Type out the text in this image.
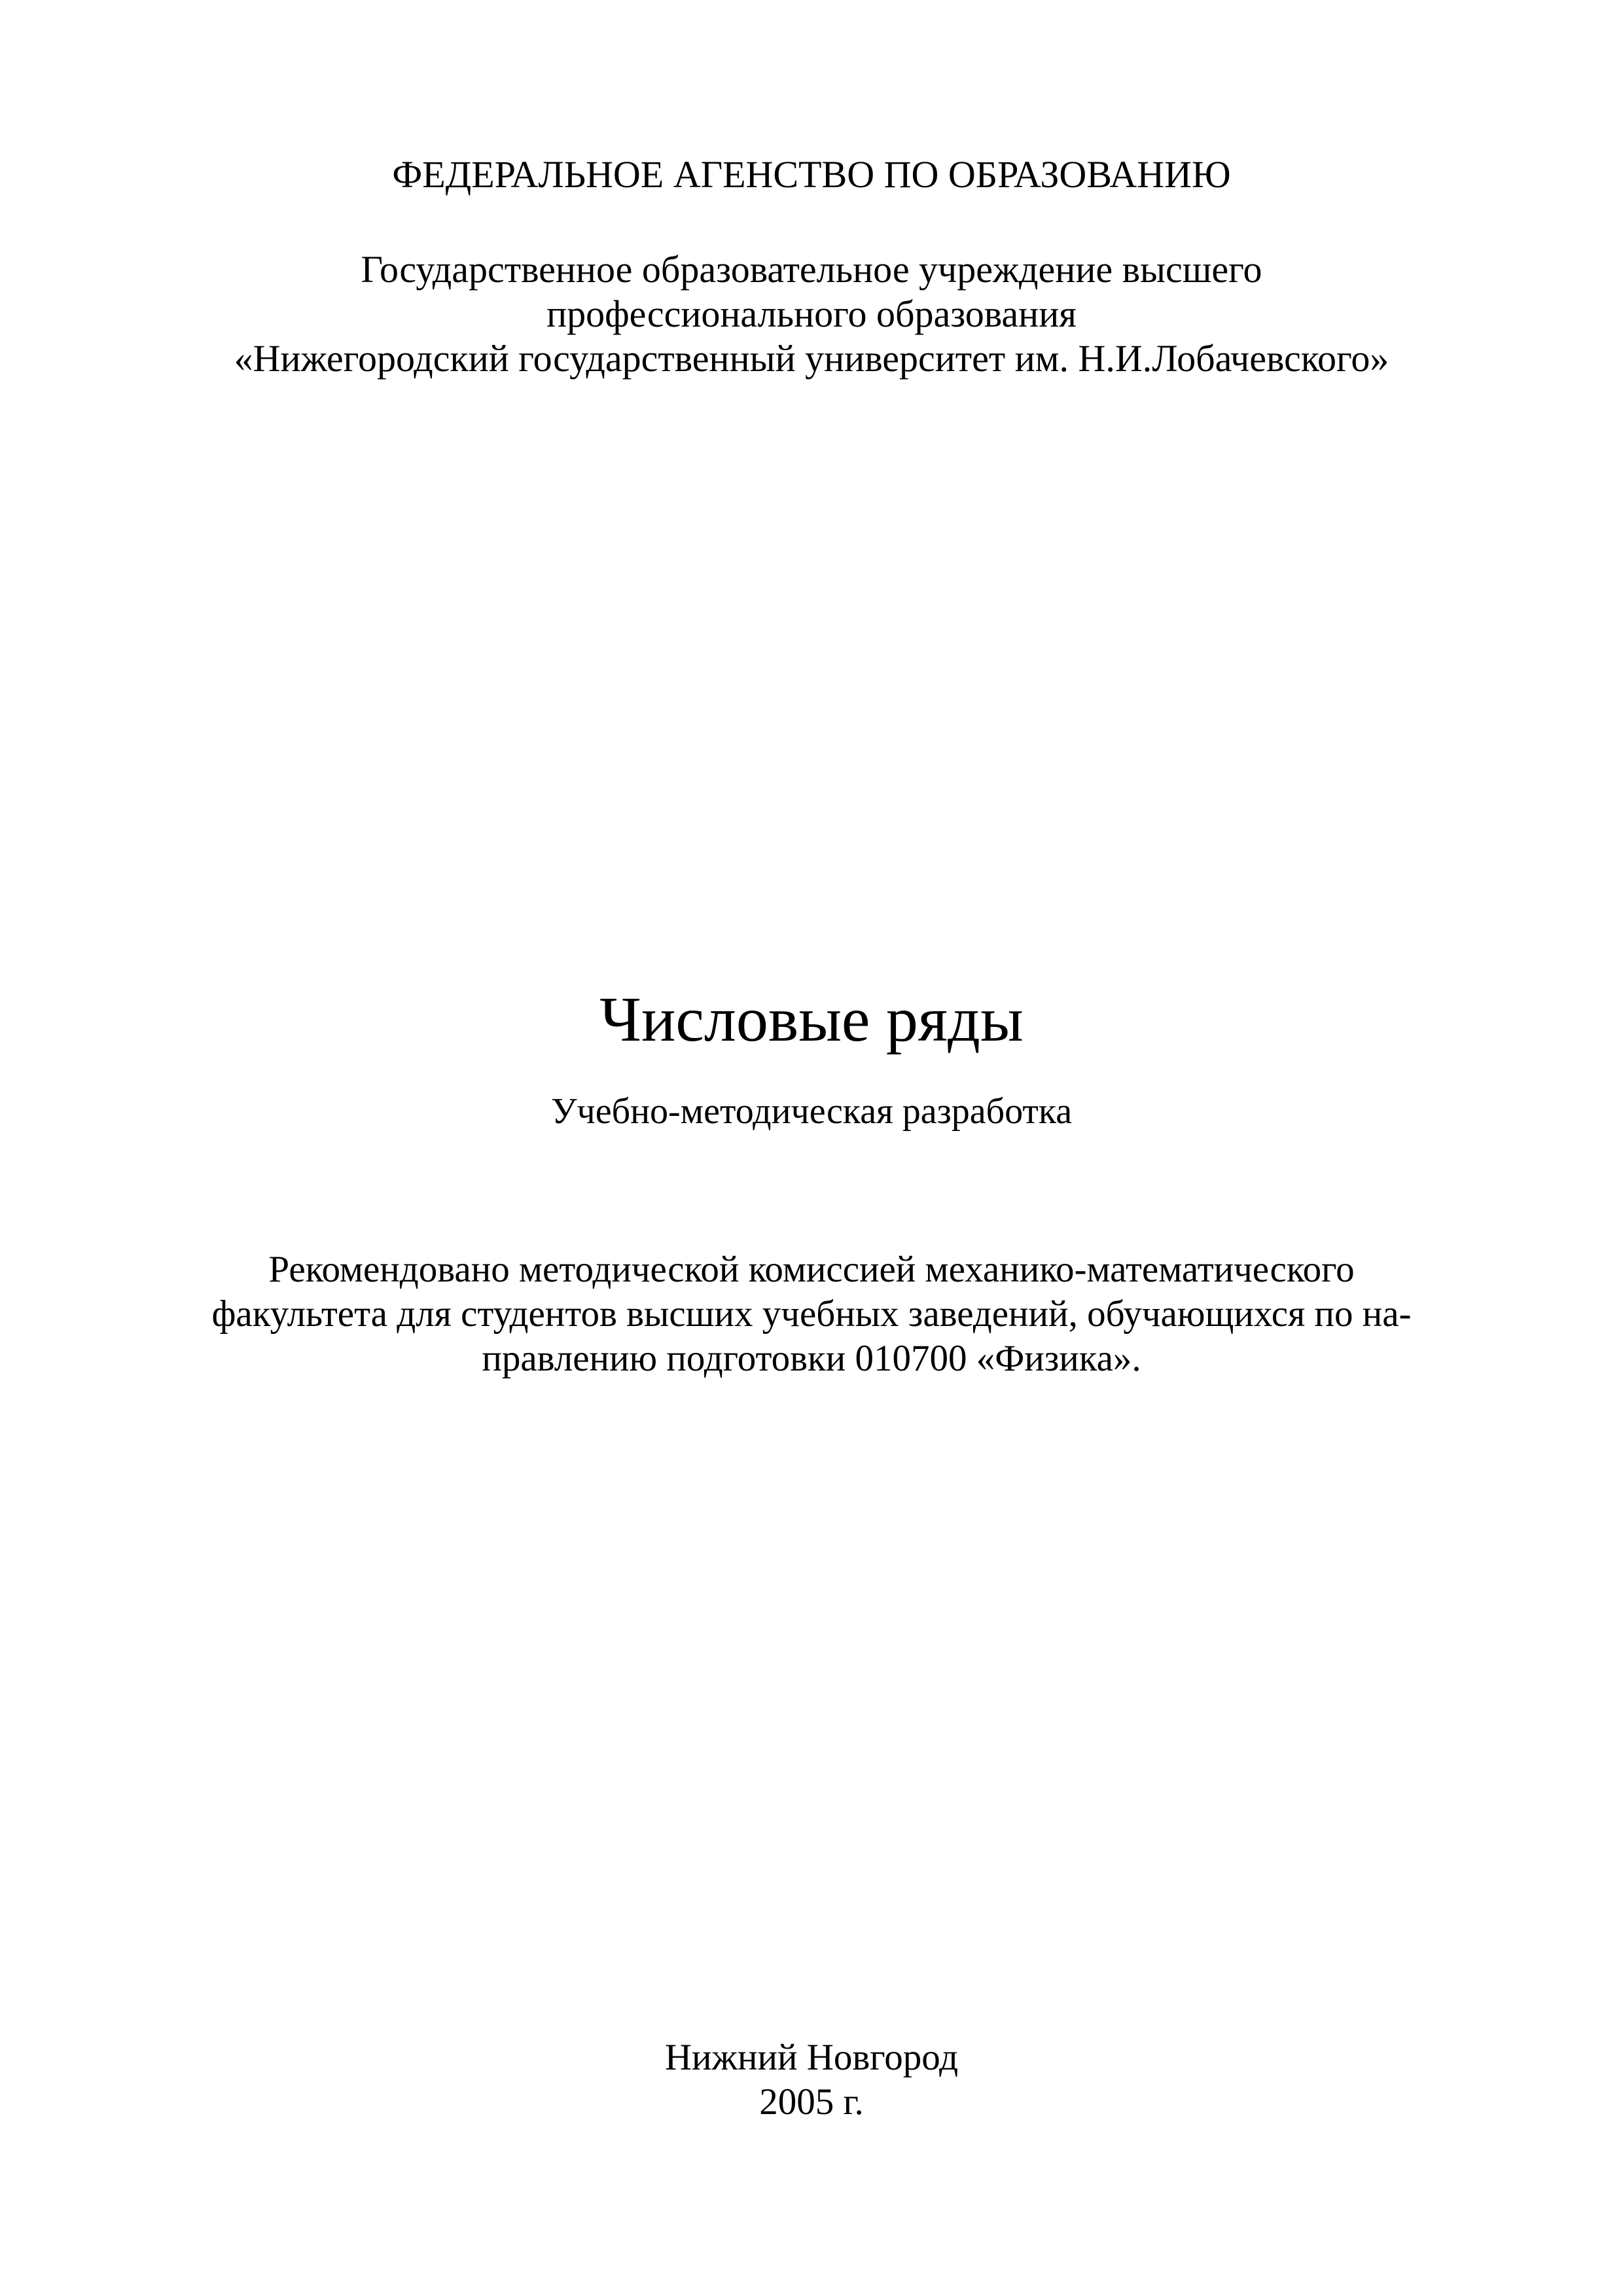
ФЕДЕРАЛЬНОЕ АГЕНСТВО ПО ОБРАЗОВАНИЮ
Государственное образовательное учреждение высшего
профессионального образования
«Нижегородский государственный университет им. Н.И.Лобачевского»
Числовые ряды
Учебно-методическая разработка
Рекомендовано методической комиссией механико-математического
факультета для студентов высших учебных заведений, обучающихся по на-
правлению подготовки 010700 «Физика».
Нижний Новгород
2005 г.
